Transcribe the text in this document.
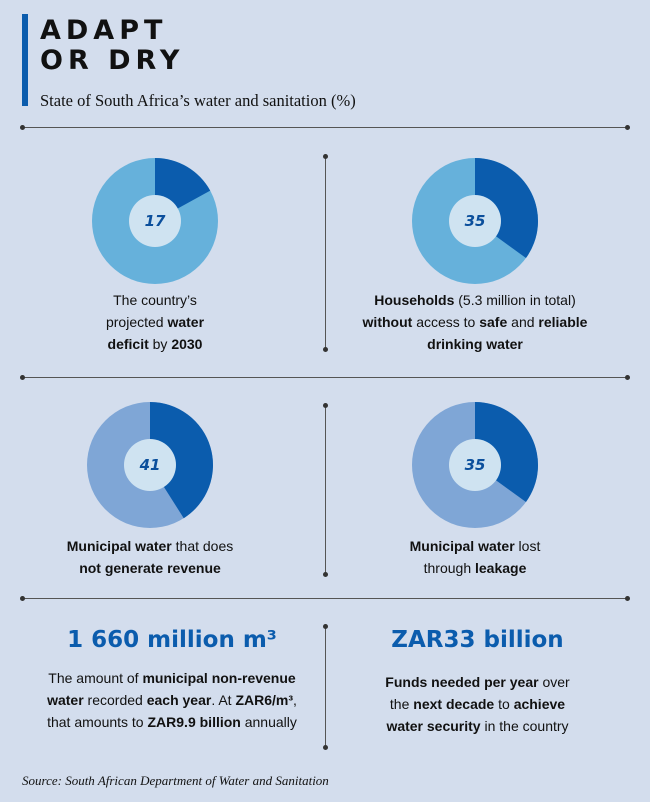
ADAPT
OR DRY
State of South Africa’s water and sanitation (%)
17
The country’s
projected water
deficit by 2030
35
Households (5.3 million in total)
without access to safe and reliable
drinking water
41
Municipal water that does
not generate revenue
35
Municipal water lost
through leakage
1 660 million m³
The amount of municipal non-revenue
water recorded each year. At ZAR6/m³,
that amounts to ZAR9.9 billion annually
ZAR33 billion
Funds needed per year over
the next decade to achieve
water security in the country
Source: South African Department of Water and Sanitation
